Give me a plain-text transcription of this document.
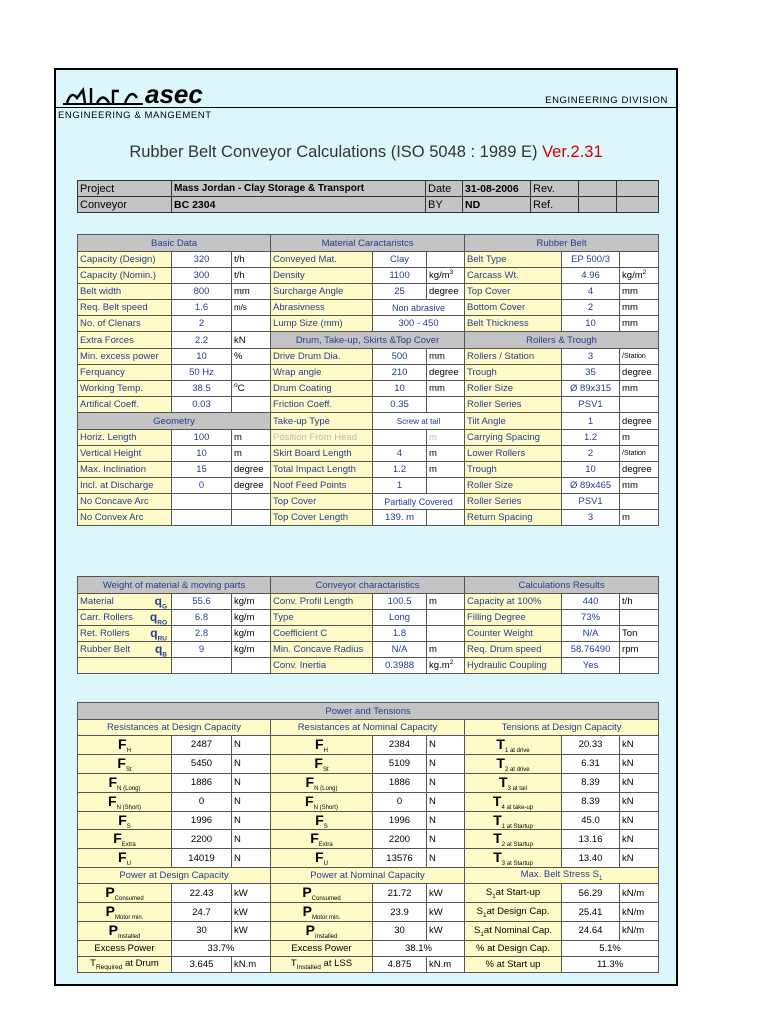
asec	ENGINEERING DIVISION
ENGINEERING & MANGEMENT
Rubber Belt Conveyor Calculations (ISO 5048 : 1989 E) Ver.2.31
Project	Mass Jordan - Clay Storage & Transport	Date	31-08-2006	Rev.		
Conveyor	BC 2304	BY	ND	Ref.		
Basic Data			Material Caractaristcs			Rubber Belt		
Capacity (Design)	320	t/h	Conveyed Mat.	Clay		Belt Type	EP 500/3	
Capacity (Nomin.)	300	t/h	Density	1100	$kg/m^3$	Carcass Wt.	4.96	$kg/m^2$
Belt width	800	mm	Surcharge Angle	25	degree	Top Cover	4	mm
Req. Belt speed	1.6	m/s	Abrasivness	Non abrasive		Bottom Cover	2	mm
No. of Clenars	2		Lump Size (mm)	300 - 450		Belt Thickness	10	mm
Extra Forces	2.2	kN	Drum, Take-up, Skirts &Top Cover			Rollers & Trough		
Min. excess power	10	%	Drive Drum Dia.	500	mm	Rollers / Station	3	/Station
Ferquancy	50 Hz		Wrap angle	210	degree	Trough	35	degree
Working Temp.	38.5	$^o$C	Drum Coating	10	mm	Roller Size	Ø 89x315	mm
Artifical Coeff.	0.03		Friction Coeff.	0.35		Roller Series	PSV1	
Geometry			Take-up Type	Screw at tail		Tilt Angle	1	degree
Horiz. Length	100	m	Position From Head		m	Carrying Spacing	1.2	m
Vertical Height	10	m	Skirt Board Length	4	m	Lower Rollers	2	/Station
Max. Inclination	15	degree	Total Impact Length	1.2	m	Trough	10	degree
Incl. at Discharge	0	degree	Noof Feed Points	1		Roller Size	Ø 89x465	mm
No Concave Arc			Top Cover	Partially Covered		Roller Series	PSV1	
No Convex Arc			Top Cover Length	139. m		Return Spacing	3	m
Weight of material & moving parts			Conveyor charactaristics			Calculations Results		
Material $q_G$	55.6	kg/m	Conv. Profil Length	100.5	m	Capacity at 100%	440	t/h
Carr. Rollers $q_{RO}$	6.8	kg/m	Type	Long		Filling Degree	73%	
Ret. Rollers $q_{RU}$	2.8	kg/m	Coefficient C	1.8		Counter Weight	N/A	Ton
Rubber Belt $q_B$	9	kg/m	Min. Concave Radius	N/A	m	Req. Drum speed	58.76490	rpm
			Conv. Inertia	0.3988	$kg.m^2$	Hydraulic Coupling	Yes	
Power and Tensions								
Resistances at Design Capacity			Resistances at Nominal Capacity			Tensions at Design Capacity		
$F_H$	2487	N	$F_H$	2384	N	$T_{1 at drive}$	20.33	kN
$F_{St}$	5450	N	$F_{St}$	5109	N	$T_{2 at drive}$	6.31	kN
$F_{N (Long)}$	1886	N	$F_{N (Long)}$	1886	N	$T_{3 at tail}$	8.39	kN
$F_{N (Short)}$	0	N	$F_{N (Short)}$	0	N	$T_{4 at take-up}$	8.39	kN
$F_S$	1996	N	$F_S$	1996	N	$T_{1 at Startup}$	45.0	kN
$F_{Extra}$	2200	N	$F_{Extra}$	2200	N	$T_{2 at Startup}$	13.16	kN
$F_U$	14019	N	$F_U$	13576	N	$T_{3 at Startup}$	13.40	kN
Power at Design Capacity			Power at Nominal Capacity			Max. Belt Stress $S_1$
$P_{Consumed}$	22.43	kW	$P_{Consumed}$	21.72	kW	$S_1at$ Start-up	56.29	kN/m
$P_{Motor min.}$	24.7	kW	$P_{Motor min.}$	23.9	kW	$S_1at$ Design Cap.	25.41	kN/m
$P_{Installed}$	30	kW	$P_{Installed}$	30	kW	$S_1at$ Nominal Cap.	24.64	kN/m
Excess Power	33.7%		Excess Power	38.1%		% at Design Cap.	5.1%	
$T_{Required}$ at Drum	3.645	kN.m	$T_{Installed}$ at LSS	4.875	kN.m	% at Start up	11.3%	
